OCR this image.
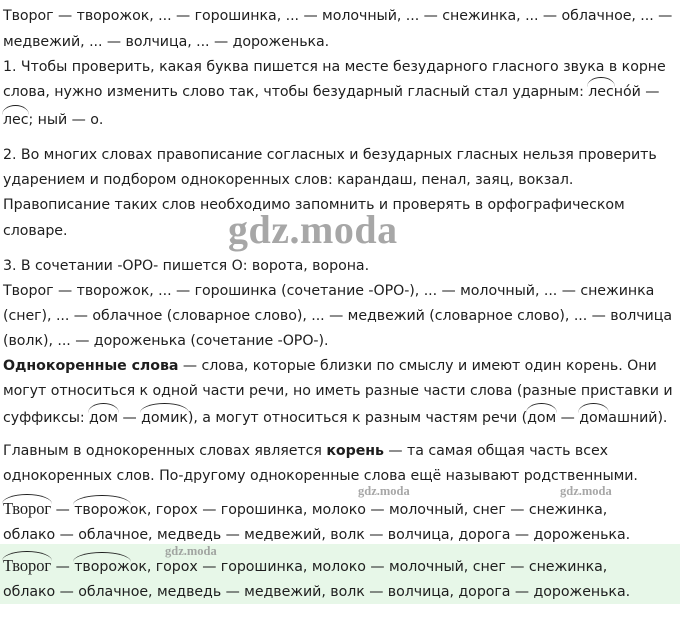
Творог — творожок, ... — горошинка, ... — молочный, ... — снежинка, ... — облачное, ... —
медвежий, ... — волчица, ... — дороженька.
1. Чтобы проверить, какая буква пишется на месте безударного гласного звука в корне
слова, нужно изменить слово так, чтобы безударный гласный стал ударным: лесно́й —
лес; ный — о.
2. Во многих словах правописание согласных и безударных гласных нельзя проверить
ударением и подбором однокоренных слов: карандаш, пенал, заяц, вокзал.
Правописание таких слов необходимо запомнить и проверять в орфографическом
словаре.	gdz.moda
3. В сочетании -ОРО- пишется О: ворота, ворона.
Творог — творожок, ... — горошинка (сочетание -ОРО-), ... — молочный, ... — снежинка
(снег), ... — облачное (словарное слово), ... — медвежий (словарное слово), ... — волчица
(волк), ... — дороженька (сочетание -ОРО-).
Однокоренные слова — слова, которые близки по смыслу и имеют один корень. Они
могут относиться к одной части речи, но иметь разные части слова (разные приставки и
суффиксы: дом — домик), а могут относиться к разным частям речи (дом — домашний).
Главным в однокоренных словах является корень — та самая общая часть всех
однокоренных слов. По-другому однокоренные слова ещё называют родственными.
gdz.moda	gdz.moda
Творог — творожок, горох — горошинка, молоко — молочный, снег — снежинка,
облако — облачное, медведь — медвежий, волк — волчица, дорога — дороженька.
gdz.moda
Творог — творожок, горох — горошинка, молоко — молочный, снег — снежинка,
облако — облачное, медведь — медвежий, волк — волчица, дорога — дороженька.
